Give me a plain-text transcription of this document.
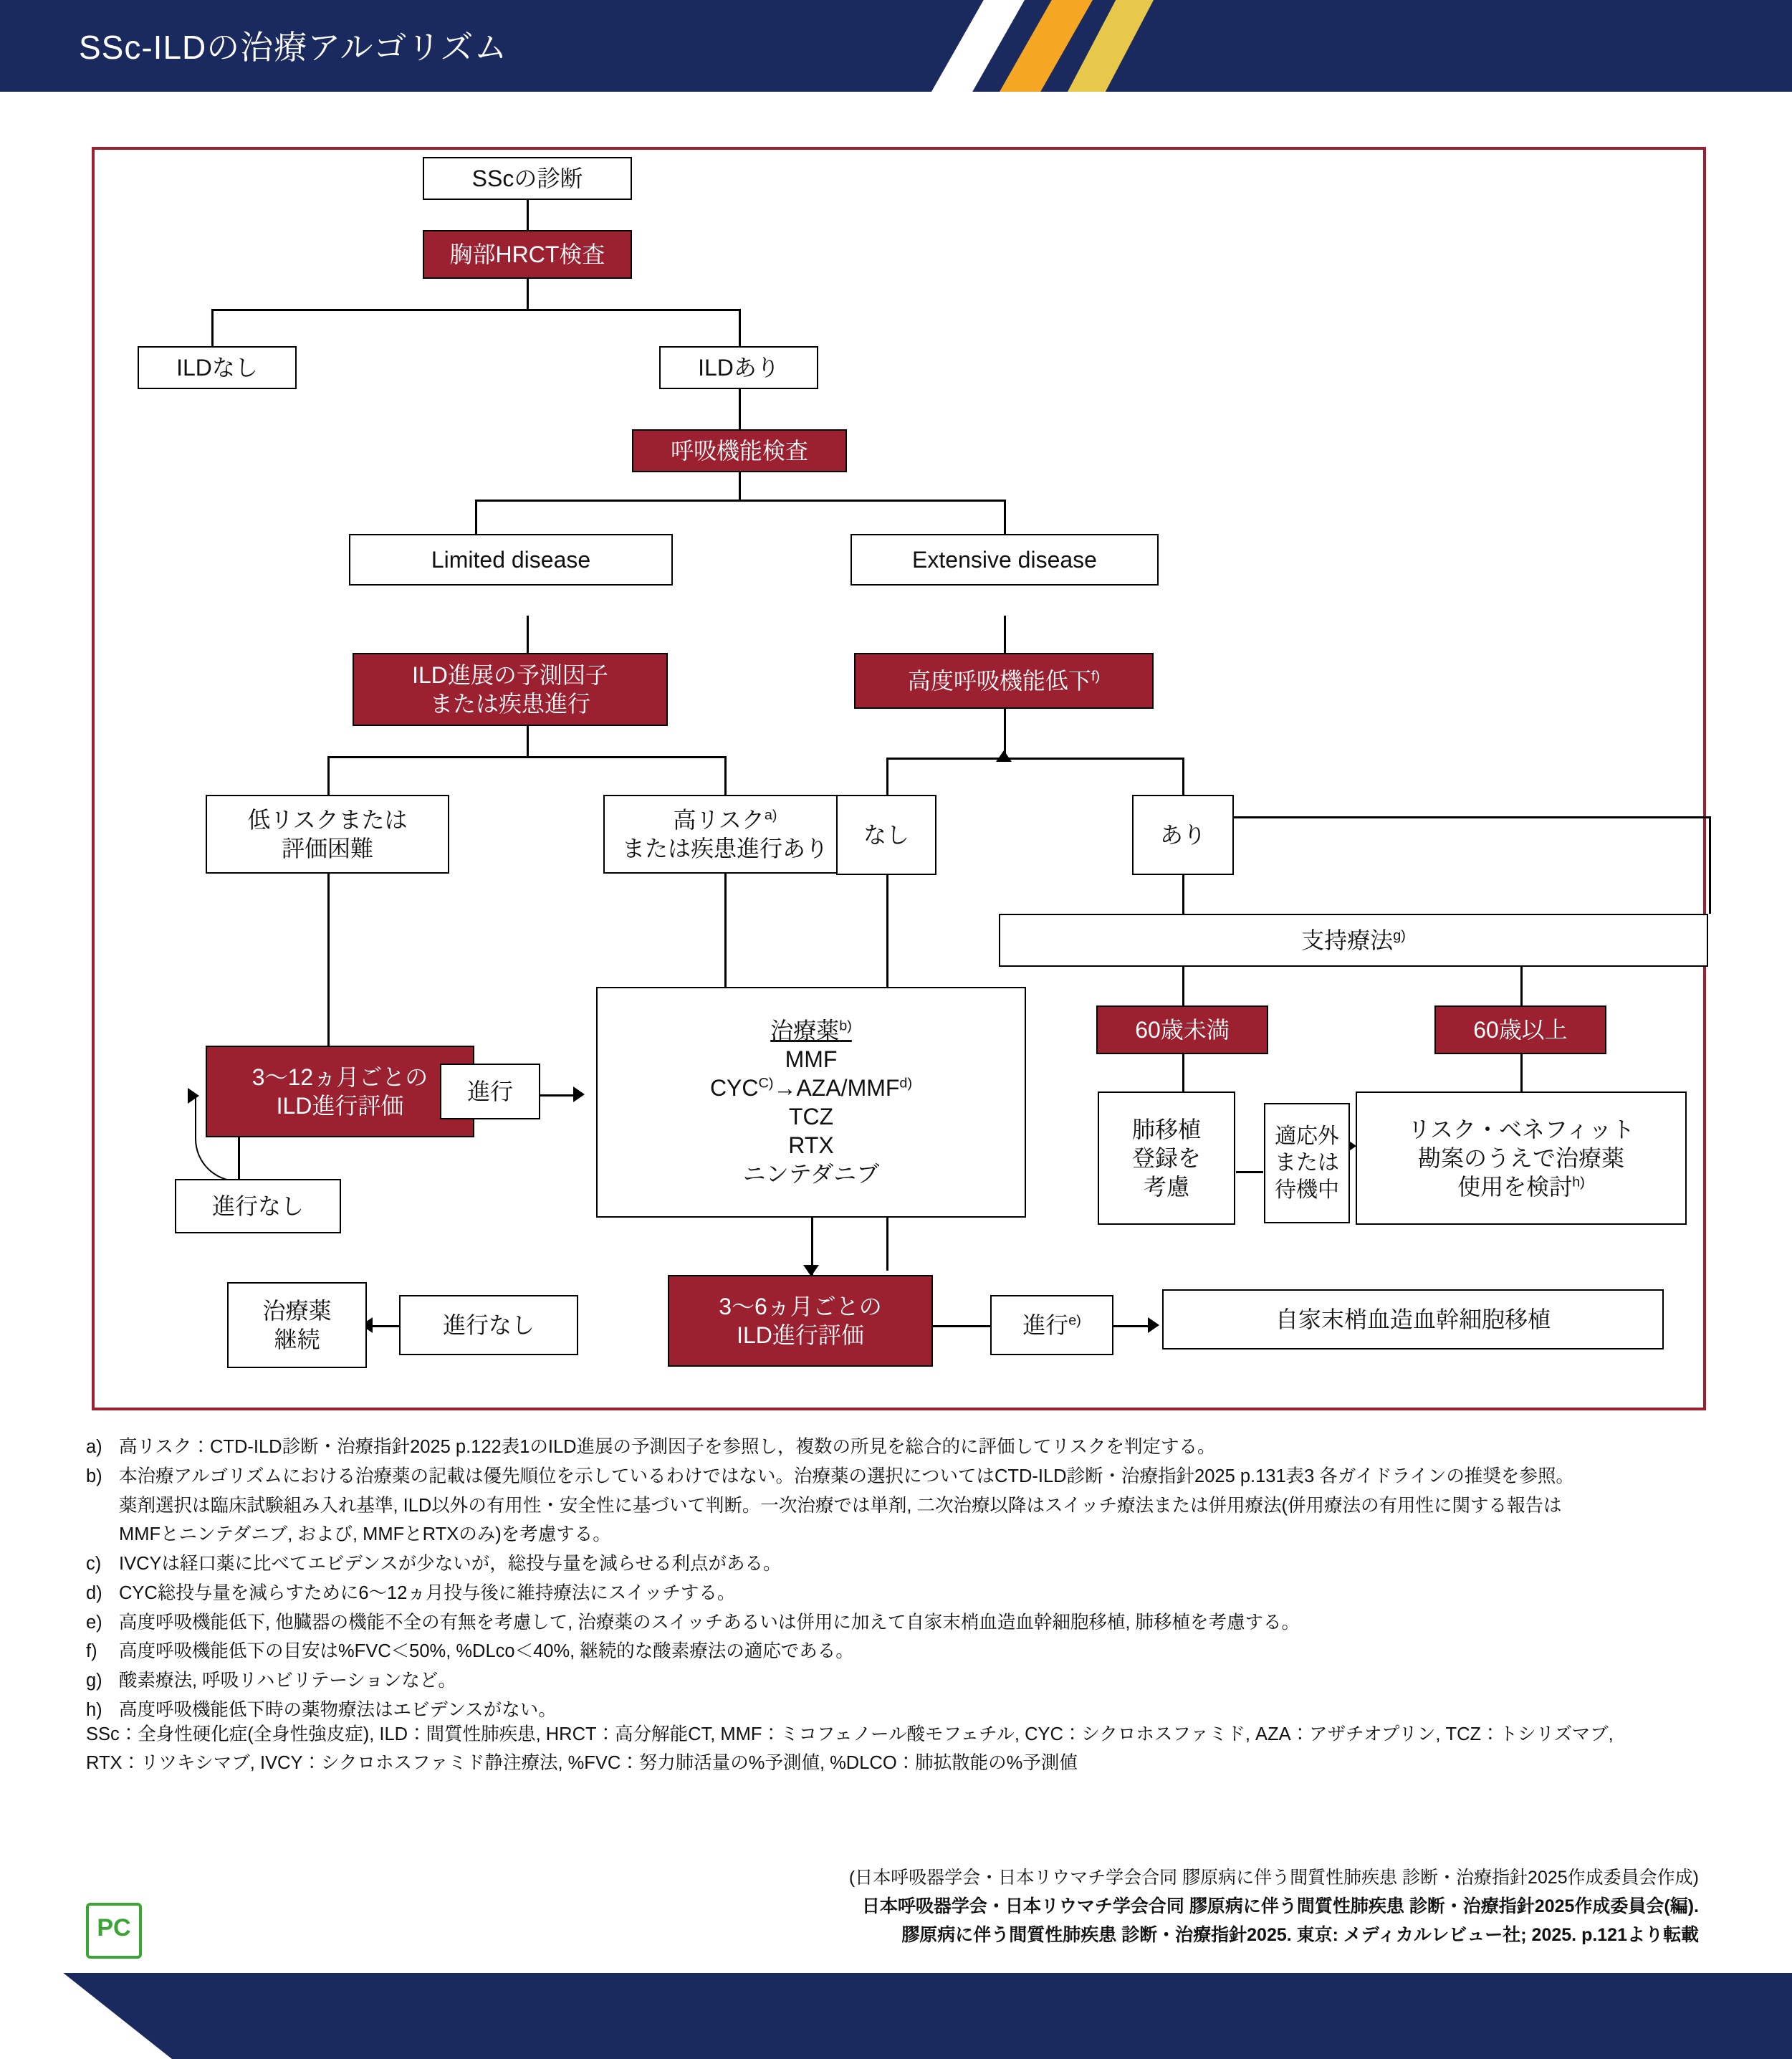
SSc-ILDの治療アルゴリズム
SScの診断
胸部HRCT検査
ILDなし	ILDあり
呼吸機能検査
Limited disease	Extensive disease
ILD進展の予測因子
または疾患進行
高度呼吸機能低下$^{f)}$
低リスクまたは
評価困難
高リスク$^{a)}$
または疾患進行あり
なし	あり
支持療法$^{g)}$
60歳未満	60歳以上
3〜12ヵ月ごとの
ILD進行評価
進行
進行なし
治療薬$^{b)}$
MMF
$CYC^{C)}\to AZA/MMF^{d)}$
TCZ
RTX
ニンテダニブ
肺移植
登録を
考慮
適応外
または
待機中
リスク・ベネフィット
勘案のうえで治療薬
使用を検討$^{h)}$
治療薬
継続
進行なし
3〜6ヵ月ごとの
ILD進行評価	進行$^{e)}$	自家末梢血造血幹細胞移植
a) 高リスク：CTD-ILD診断・治療指針2025 p.122表1のILD進展の予測因子を参照し，複数の所見を総合的に評価してリスクを判定する。
b) 本治療アルゴリズムにおける治療薬の記載は優先順位を示しているわけではない。治療薬の選択についてはCTD-ILD診断・治療指針2025 p.131表3 各ガイドラインの推奨を参照。
薬剤選択は臨床試験組み入れ基準, ILD以外の有用性・安全性に基づいて判断。一次治療では単剤, 二次治療以降はスイッチ療法または併用療法(併用療法の有用性に関する報告は
MMFとニンテダニブ, および, MMFとRTXのみ)を考慮する。
c) IVCYは経口薬に比べてエビデンスが少ないが，総投与量を減らせる利点がある。
d) CYC総投与量を減らすために6〜12ヵ月投与後に維持療法にスイッチする。
e) 高度呼吸機能低下, 他臓器の機能不全の有無を考慮して, 治療薬のスイッチあるいは併用に加えて自家末梢血造血幹細胞移植, 肺移植を考慮する。
f)	高度呼吸機能低下の目安は%FVC＜50%, %DLco＜40%, 継続的な酸素療法の適応である。
g) 酸素療法, 呼吸リハビリテーションなど。
h) 高度呼吸機能低下時の薬物療法はエビデンスがない。
SSc：全身性硬化症(全身性強皮症), ILD：間質性肺疾患, HRCT：高分解能CT, MMF：ミコフェノール酸モフェチル, CYC：シクロホスファミド, AZA：アザチオプリン, TCZ：トシリズマブ,
RTX：リツキシマブ, IVCY：シクロホスファミド静注療法, %FVC：努力肺活量の%予測値, %DLCO：肺拡散能の%予測値
(日本呼吸器学会・日本リウマチ学会合同 膠原病に伴う間質性肺疾患 診断・治療指針2025作成委員会作成)
日本呼吸器学会・日本リウマチ学会合同 膠原病に伴う間質性肺疾患 診断・治療指針2025作成委員会(編).
膠原病に伴う間質性肺疾患 診断・治療指針2025. 東京: メディカルレビュー社; 2025. p.121より転載
PC
